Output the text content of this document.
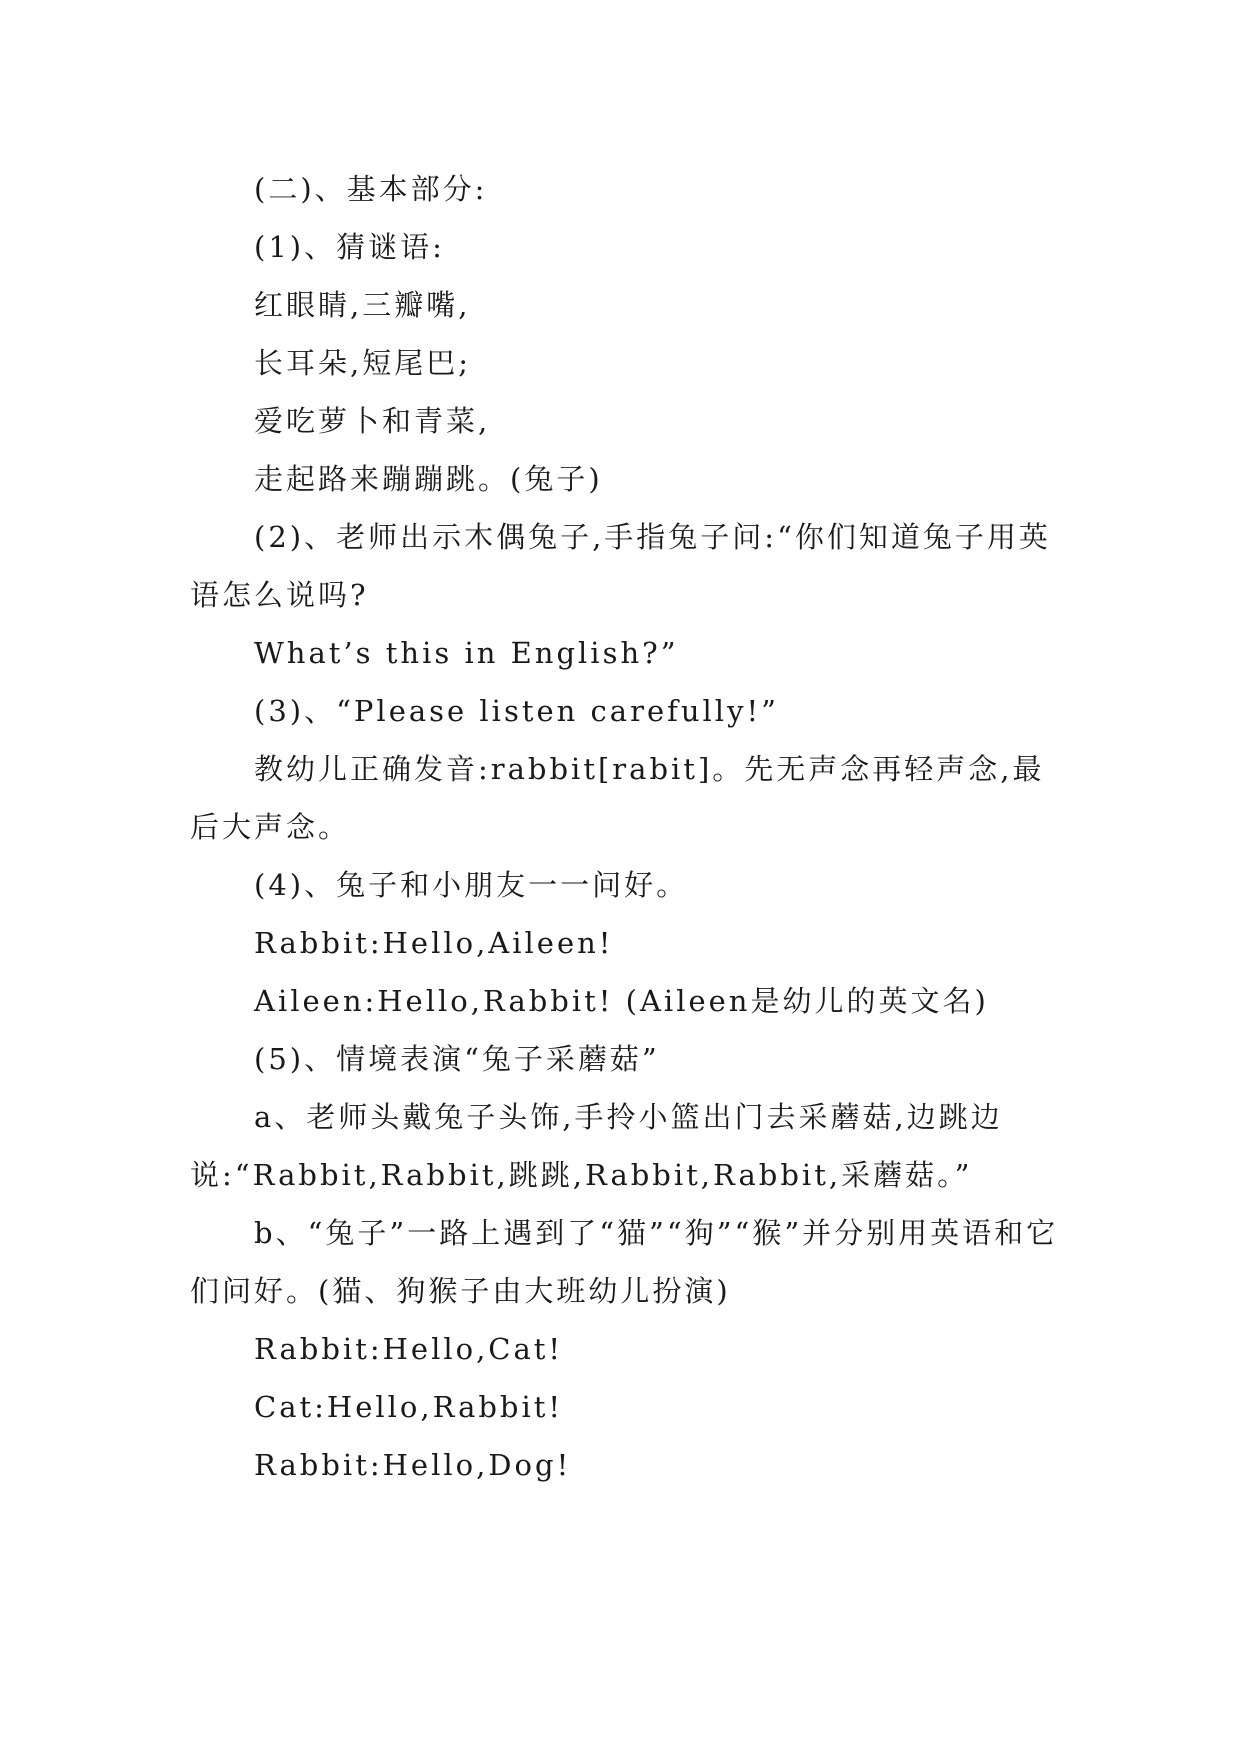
(二)、基本部分:

(1)、猜谜语:

红眼睛,三瓣嘴,

长耳朵,短尾巴;

爱吃萝卜和青菜,

走起路来蹦蹦跳。(兔子)

(2)、老师出示木偶兔子,手指兔子问:“你们知道兔子用英语怎么说吗?

What’s this in English?”

(3)、“Please listen carefully!”

教幼儿正确发音:rabbit[rabit]。先无声念再轻声念,最后大声念。

(4)、兔子和小朋友一一问好。

Rabbit:Hello,Aileen!

Aileen:Hello,Rabbit! (Aileen是幼儿的英文名)

(5)、情境表演“兔子采蘑菇”

a、老师头戴兔子头饰,手拎小篮出门去采蘑菇,边跳边说:“Rabbit,Rabbit,跳跳,Rabbit,Rabbit,采蘑菇。”

b、“兔子”一路上遇到了“猫”“狗”“猴”并分别用英语和它们问好。(猫、狗猴子由大班幼儿扮演)

Rabbit:Hello,Cat!

Cat:Hello,Rabbit!

Rabbit:Hello,Dog!
